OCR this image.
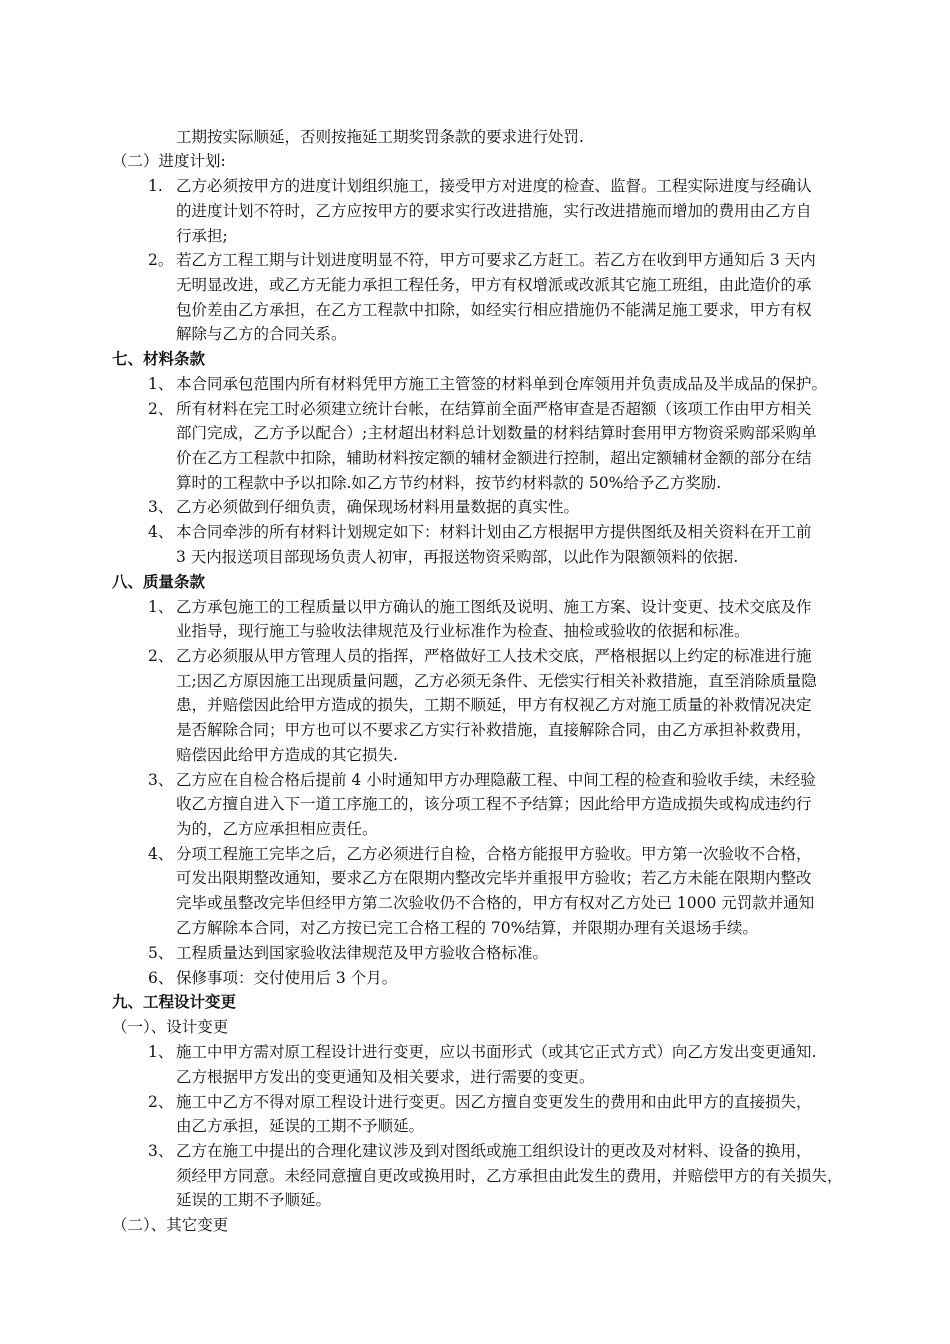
工期按实际顺延，否则按拖延工期奖罚条款的要求进行处罚.
（二）进度计划:
1. 乙方必须按甲方的进度计划组织施工，接受甲方对进度的检查、监督。工程实际进度与经确认
的进度计划不符时，乙方应按甲方的要求实行改进措施，实行改进措施而增加的费用由乙方自
行承担;
2。 若乙方工程工期与计划进度明显不符，甲方可要求乙方赶工。若乙方在收到甲方通知后 3 天内
无明显改进，或乙方无能力承担工程任务，甲方有权增派或改派其它施工班组，由此造价的承
包价差由乙方承担，在乙方工程款中扣除，如经实行相应措施仍不能满足施工要求，甲方有权
解除与乙方的合同关系。
七、材料条款
1、 本合同承包范围内所有材料凭甲方施工主管签的材料单到仓库领用并负责成品及半成品的保护。
2、 所有材料在完工时必须建立统计台帐，在结算前全面严格审查是否超额（该项工作由甲方相关
部门完成，乙方予以配合）;主材超出材料总计划数量的材料结算时套用甲方物资采购部采购单
价在乙方工程款中扣除，辅助材料按定额的辅材金额进行控制，超出定额辅材金额的部分在结
算时的工程款中予以扣除.如乙方节约材料，按节约材料款的 50%给予乙方奖励.
3、 乙方必须做到仔细负责，确保现场材料用量数据的真实性。
4、 本合同牵涉的所有材料计划规定如下：材料计划由乙方根据甲方提供图纸及相关资料在开工前
3 天内报送项目部现场负责人初审，再报送物资采购部，以此作为限额领料的依据.
八、质量条款
1、 乙方承包施工的工程质量以甲方确认的施工图纸及说明、施工方案、设计变更、技术交底及作
业指导，现行施工与验收法律规范及行业标准作为检查、抽检或验收的依据和标准。
2、 乙方必须服从甲方管理人员的指挥，严格做好工人技术交底，严格根据以上约定的标准进行施
工;因乙方原因施工出现质量问题，乙方必须无条件、无偿实行相关补救措施，直至消除质量隐
患，并赔偿因此给甲方造成的损失，工期不顺延，甲方有权视乙方对施工质量的补救情况决定
是否解除合同；甲方也可以不要求乙方实行补救措施，直接解除合同，由乙方承担补救费用，
赔偿因此给甲方造成的其它损失.
3、 乙方应在自检合格后提前 4 小时通知甲方办理隐蔽工程、中间工程的检查和验收手续，未经验
收乙方擅自进入下一道工序施工的，该分项工程不予结算；因此给甲方造成损失或构成违约行
为的，乙方应承担相应责任。
4、 分项工程施工完毕之后，乙方必须进行自检，合格方能报甲方验收。甲方第一次验收不合格，
可发出限期整改通知，要求乙方在限期内整改完毕并重报甲方验收；若乙方未能在限期内整改
完毕或虽整改完毕但经甲方第二次验收仍不合格的，甲方有权对乙方处已 1000 元罚款并通知
乙方解除本合同，对乙方按已完工合格工程的 70%结算，并限期办理有关退场手续。
5、 工程质量达到国家验收法律规范及甲方验收合格标准。
6、 保修事项：交付使用后 3 个月。
九、工程设计变更
（一）、设计变更
1、 施工中甲方需对原工程设计进行变更，应以书面形式（或其它正式方式）向乙方发出变更通知.
乙方根据甲方发出的变更通知及相关要求，进行需要的变更。
2、 施工中乙方不得对原工程设计进行变更。因乙方擅自变更发生的费用和由此甲方的直接损失，
由乙方承担，延误的工期不予顺延。
3、 乙方在施工中提出的合理化建议涉及到对图纸或施工组织设计的更改及对材料、设备的换用，
须经甲方同意。未经同意擅自更改或换用时，乙方承担由此发生的费用，并赔偿甲方的有关损失，
延误的工期不予顺延。
（二）、其它变更
